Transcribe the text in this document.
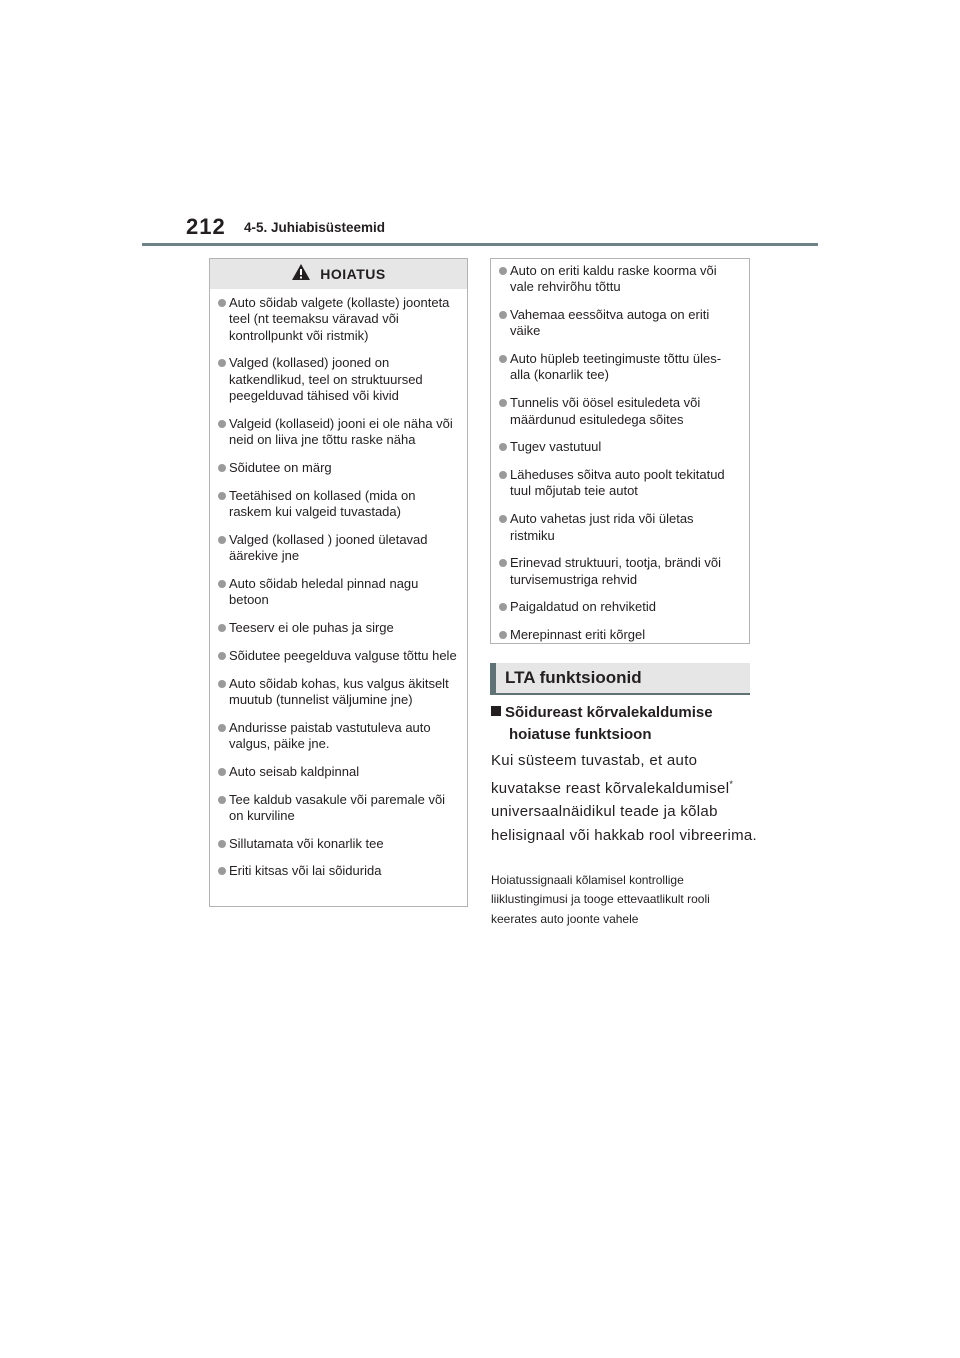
212 4-5. Juhiabisüsteemid
HOIATUS
Auto sõidab valgete (kollaste) joonteta teel (nt teemaksu väravad või kontrollpunkt või ristmik)
Valged (kollased) jooned on katkendlikud, teel on struktuursed peegelduvad tähised või kivid
Valgeid (kollaseid) jooni ei ole näha või neid on liiva jne tõttu raske näha
Sõidutee on märg
Teetähised on kollased (mida on raskem kui valgeid tuvastada)
Valged (kollased ) jooned ületavad äärekive jne
Auto sõidab heledal pinnad nagu betoon
Teeserv ei ole puhas ja sirge
Sõidutee peegelduva valguse tõttu hele
Auto sõidab kohas, kus valgus äkitselt muutub (tunnelist väljumine jne)
Andurisse paistab vastutuleva auto valgus, päike jne.
Auto seisab kaldpinnal
Tee kaldub vasakule või paremale või on kurviline
Sillutamata või konarlik tee
Eriti kitsas või lai sõidurida
Auto on eriti kaldu raske koorma või vale rehvirõhu tõttu
Vahemaa eessõitva autoga on eriti väike
Auto hüpleb teetingimuste tõttu üles-alla (konarlik tee)
Tunnelis või öösel esituledeta või määrdunud esituledega sõites
Tugev vastutuul
Läheduses sõitva auto poolt tekitatud tuul mõjutab teie autot
Auto vahetas just rida või ületas ristmiku
Erinevad struktuuri, tootja, brändi või turvisemustriga rehvid
Paigaldatud on rehviketid
Merepinnast eriti kõrgel
LTA funktsioonid
Sõidureast kõrvalekaldumise
hoiatuse funktsioon
Kui süsteem tuvastab, et auto kuvatakse reast kõrvalekaldumisel* universaalnäidikul teade ja kõlab helisignaal või hakkab rool vibreerima.
Hoiatussignaali kõlamisel kontrollige liiklustingimusi ja tooge ettevaatlikult rooli keerates auto joonte vahele
